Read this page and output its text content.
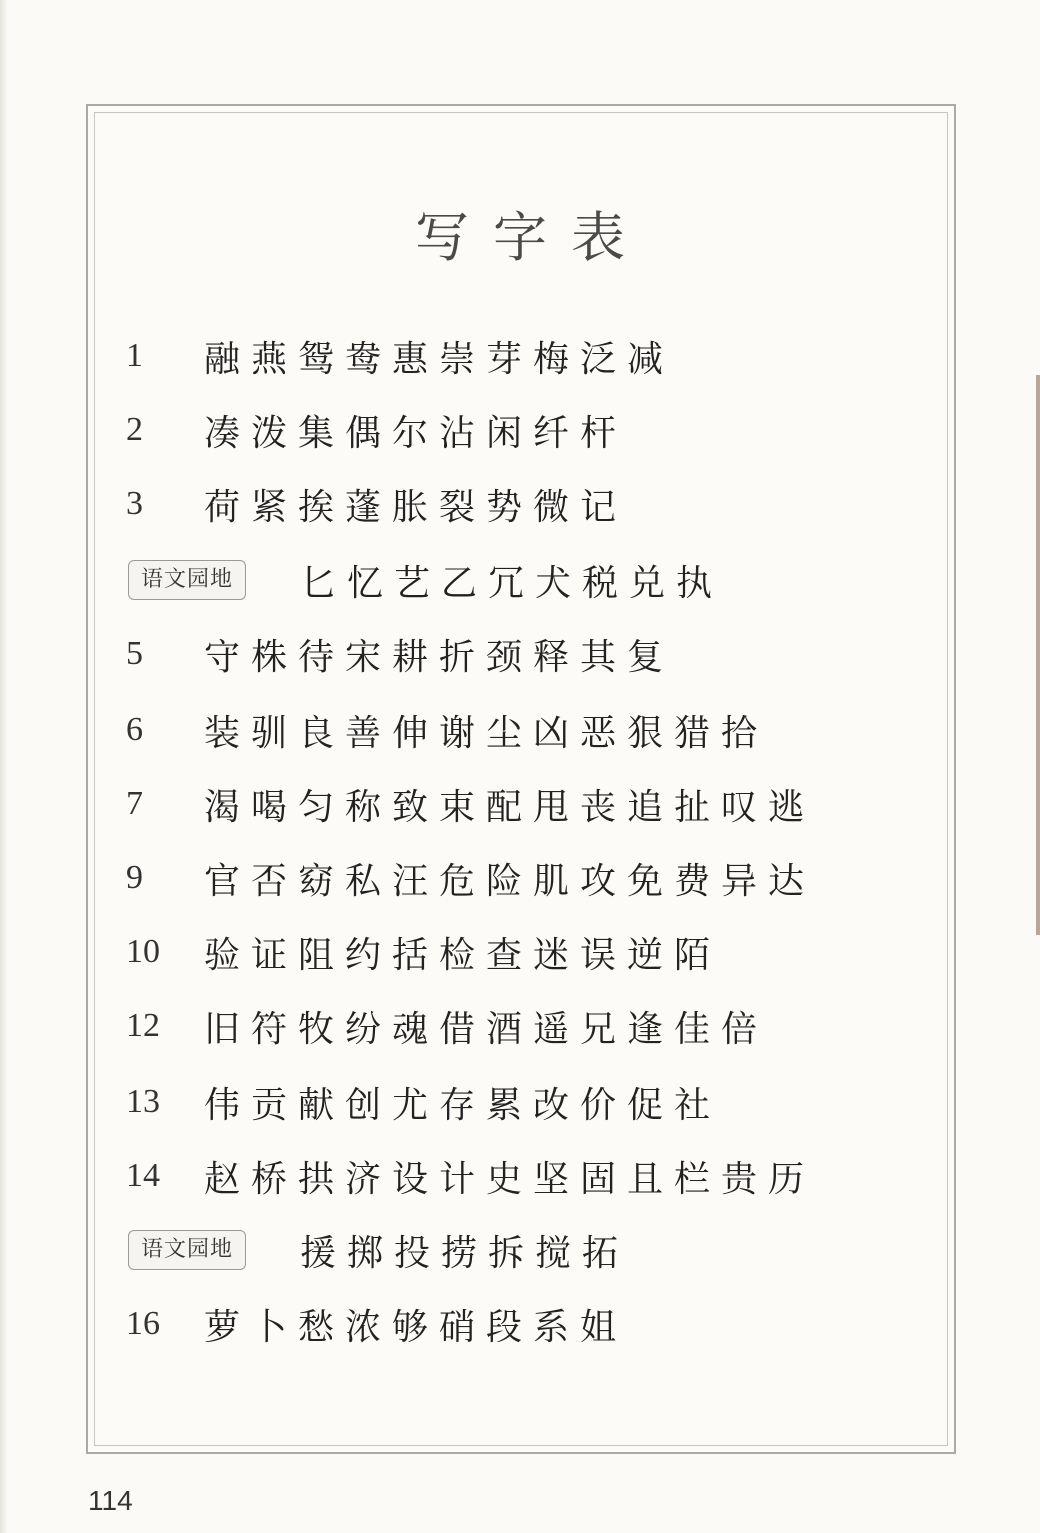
写字表
1	融燕鸳鸯惠崇芽梅泛减
2	凑泼集偶尔沾闲纤杆
3	荷紧挨蓬胀裂势微记
语文园地	匕忆艺乙冗犬税兑执
5	守株待宋耕折颈释其复
6	装驯良善伸谢尘凶恶狠猎拾
7	渴喝匀称致束配甩丧追扯叹逃
9	官否窈私汪危险肌攻免费异达
10	验证阻约括检查迷误逆陌
12	旧符牧纷魂借酒遥兄逢佳倍
13	伟贡献创尤存累改价促社
14	赵桥拱济设计史坚固且栏贵历
语文园地	援掷投捞拆搅拓
16	萝卜愁浓够硝段系姐
114
